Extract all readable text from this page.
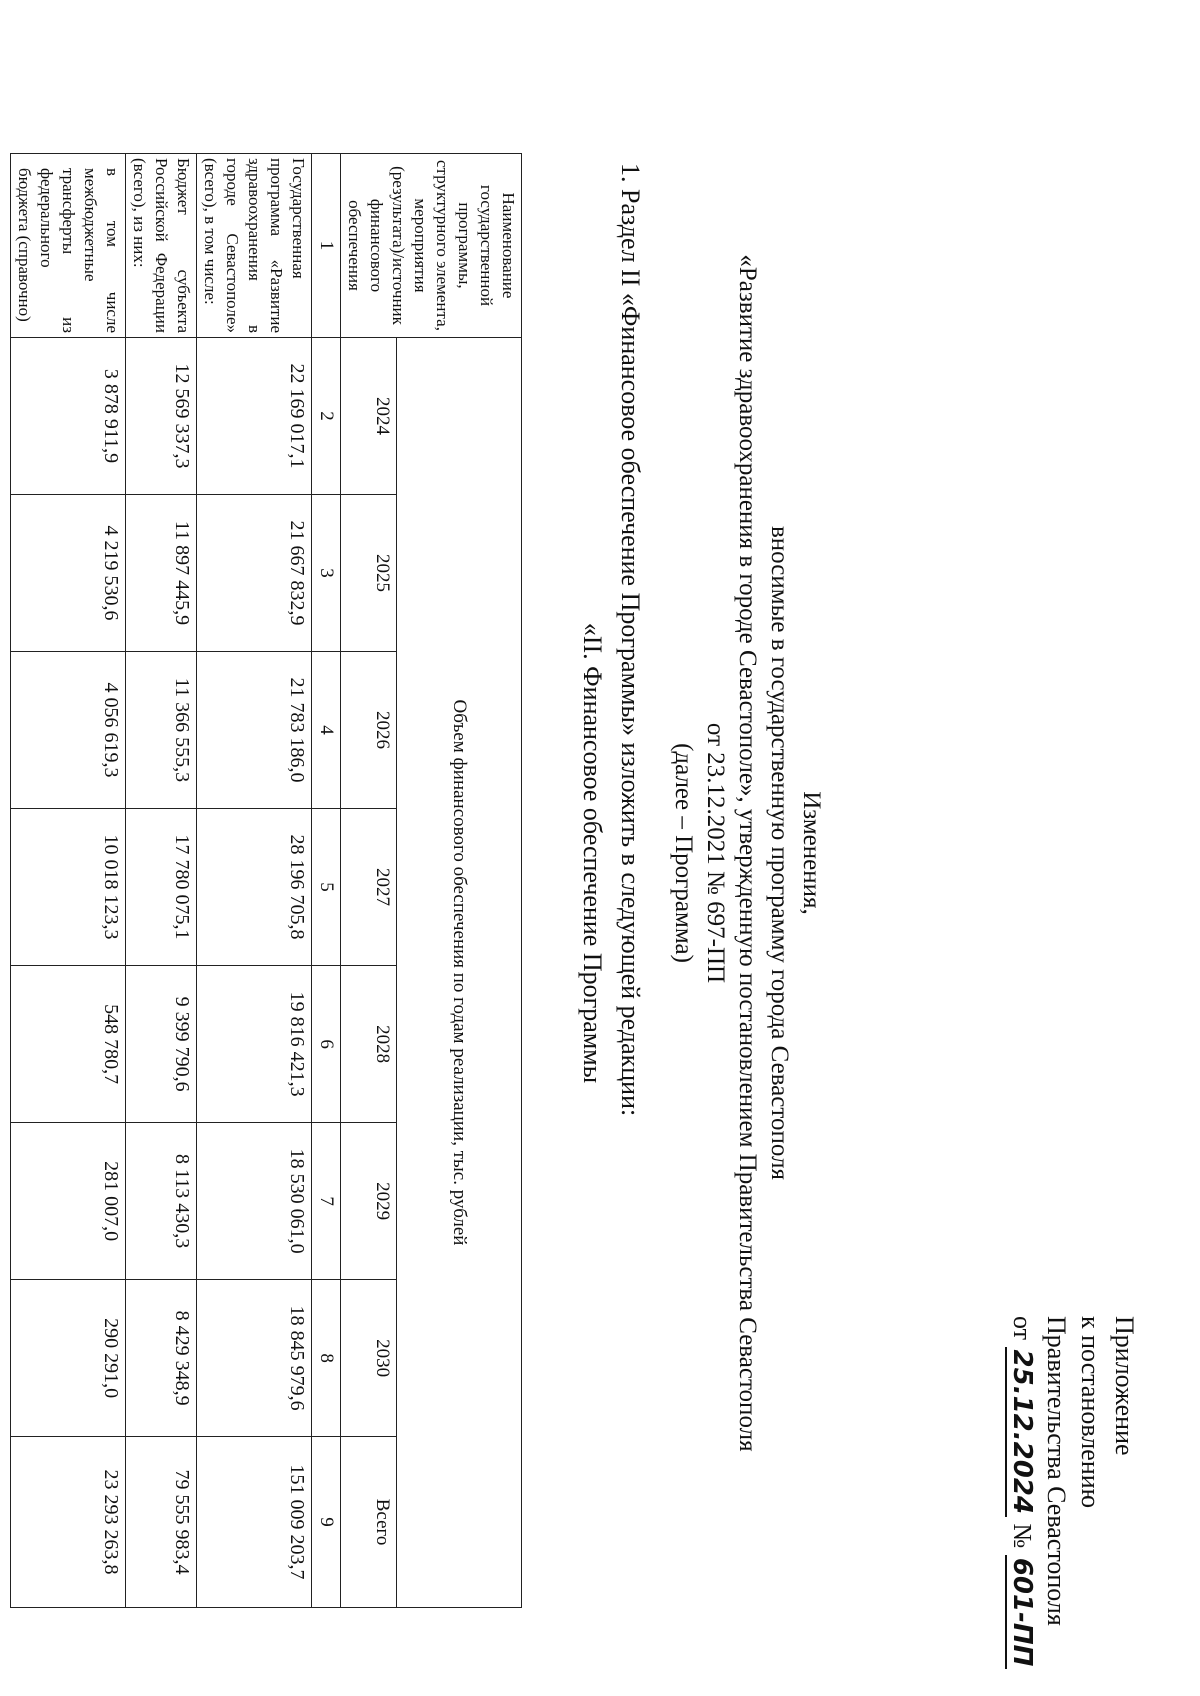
Приложение
к постановлению
Правительства Севастополя
от 25.12.2024 № 601-ПП
Изменения,
вносимые в государственную программу города Севастополя
«Развитие здравоохранения в городе Севастополе», утвержденную постановлением Правительства Севастополя
от 23.12.2021 № 697-ПП
(далее – Программа)
1. Раздел II «Финансовое обеспечение Программы» изложить в следующей редакции:
«II. Финансовое обеспечение Программы
Наименование государственной программы, структурного элемента, мероприятия (результата)/источник финансового обеспечения	Объем финансового обеспечения по годам реализации, тыс. рублей							
	2024	2025	2026	2027	2028	2029	2030	Всего
1	2	3	4	5	6	7	8	9
Государственная программа «Развитие здравоохранения в городе Севастополе» (всего), в том числе:	22 169 017,1	21 667 832,9	21 783 186,0	28 196 705,8	19 816 421,3	18 530 061,0	18 845 979,6	151 009 203,7
Бюджет субъекта Российской Федерации (всего), из них:	12 569 337,3	11 897 445,9	11 366 555,3	17 780 075,1	9 399 790,6	8 113 430,3	8 429 348,9	79 555 983,4
в том числе межбюджетные трансферты из федерального бюджета (справочно)	3 878 911,9	4 219 530,6	4 056 619,3	10 018 123,3	548 780,7	281 007,0	290 291,0	23 293 263,8
